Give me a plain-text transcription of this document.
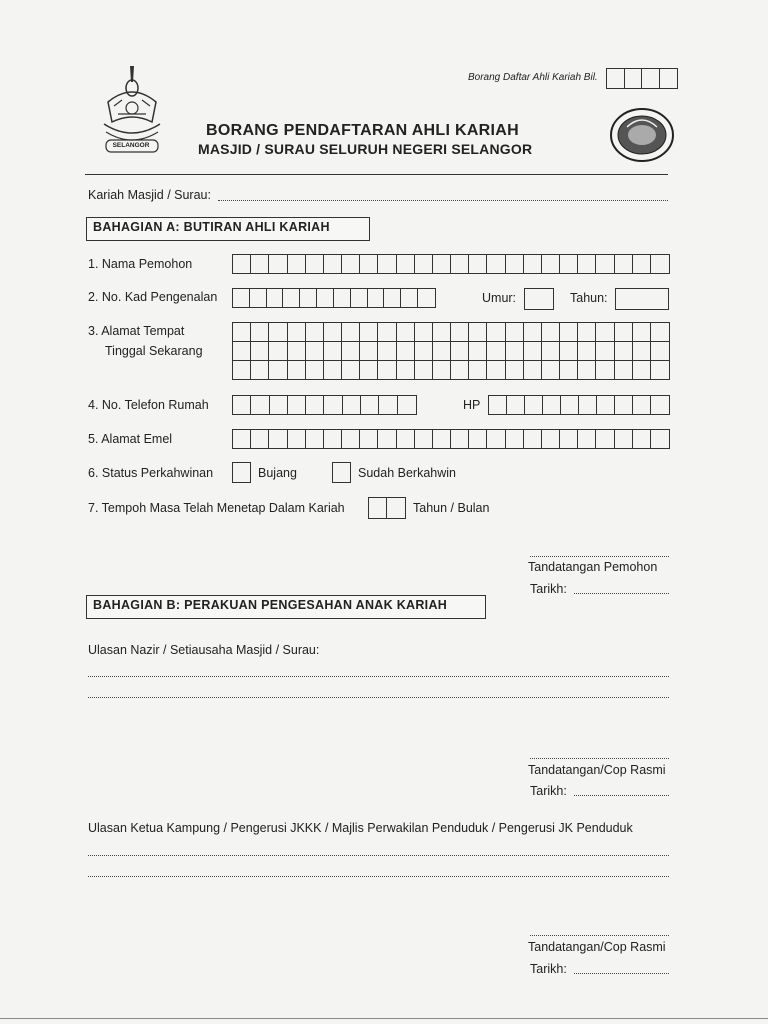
SELANGOR
Borang Daftar Ahli Kariah Bil.
BORANG PENDAFTARAN AHLI KARIAH
MASJID / SURAU SELURUH NEGERI SELANGOR
Kariah Masjid / Surau:
BAHAGIAN A: BUTIRAN AHLI KARIAH
1. Nama Pemohon
2. No. Kad Pengenalan	Umur:	Tahun:
3. Alamat Tempat
Tinggal Sekarang
4. No. Telefon Rumah	HP
5. Alamat Emel
6. Status Perkahwinan	Bujang	Sudah Berkahwin
7. Tempoh Masa Telah Menetap Dalam Kariah	Tahun / Bulan
Tandatangan Pemohon
Tarikh:
BAHAGIAN B: PERAKUAN PENGESAHAN ANAK KARIAH
Ulasan Nazir / Setiausaha Masjid / Surau:
Tandatangan/Cop Rasmi
Tarikh:
Ulasan Ketua Kampung / Pengerusi JKKK / Majlis Perwakilan Penduduk / Pengerusi JK Penduduk
Tandatangan/Cop Rasmi
Tarikh:
